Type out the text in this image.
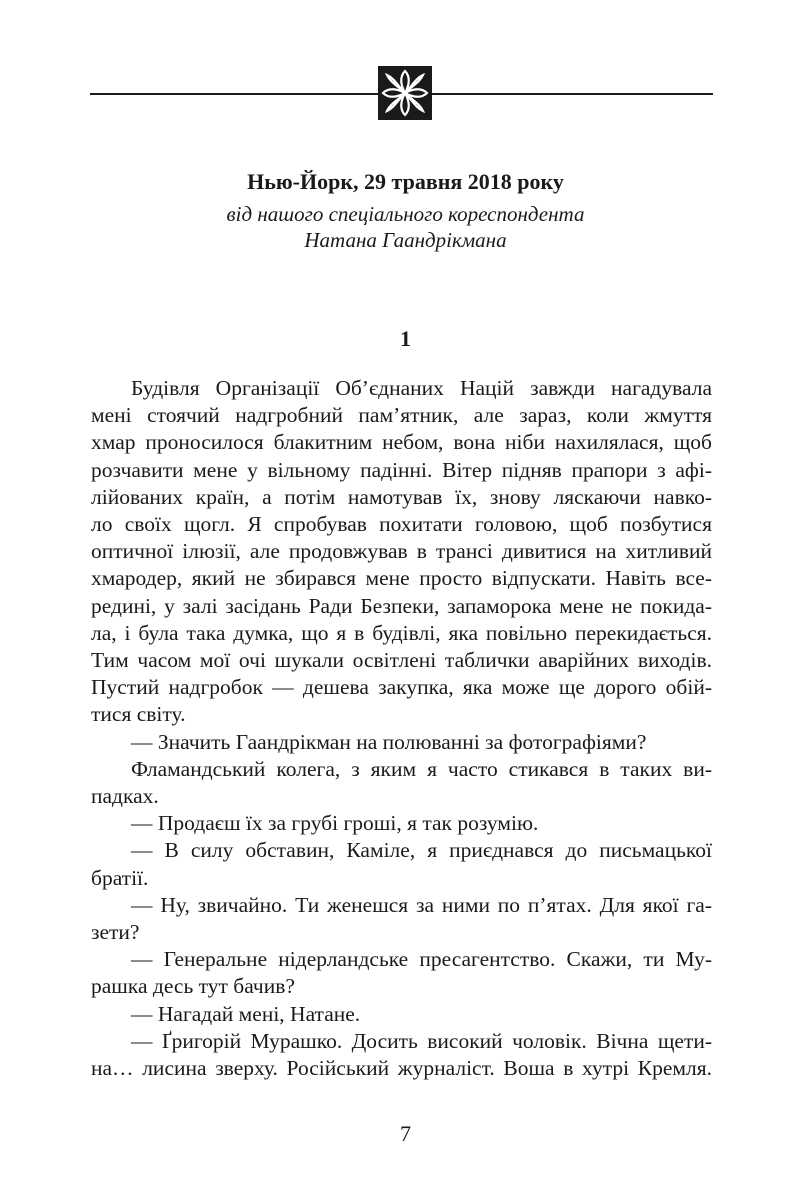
Нью-Йорк, 29 травня 2018 року
від нашого спеціального кореспондента
Натана Гаандрікмана
1
Будівля Організації Об’єднаних Націй завжди нагадувала
мені стоячий надгробний пам’ятник, але зараз, коли жмуття
хмар проносилося блакитним небом, вона ніби нахилялася, щоб
розчавити мене у вільному падінні. Вітер підняв прапори з афі-
лійованих країн, а потім намотував їх, знову ляскаючи навко-
ло своїх щогл. Я спробував похитати головою, щоб позбутися
оптичної ілюзії, але продовжував в трансі дивитися на хитливий
хмародер, який не збирався мене просто відпускати. Навіть все-
редині, у залі засідань Ради Безпеки, запаморока мене не покида-
ла, і була така думка, що я в будівлі, яка повільно перекидається.
Тим часом мої очі шукали освітлені таблички аварійних виходів.
Пустий надгробок — дешева закупка, яка може ще дорого обій-
тися світу.
— Значить Гаандрікман на полюванні за фотографіями?
Фламандський колега, з яким я часто стикався в таких ви-
падках.
— Продаєш їх за грубі гроші, я так розумію.
— В силу обставин, Каміле, я приєднався до письмацької
братії.
— Ну, звичайно. Ти женешся за ними по п’ятах. Для якої га-
зети?
— Генеральне нідерландське пресагентство. Скажи, ти Му-
рашка десь тут бачив?
— Нагадай мені, Натане.
— Ґригорій Мурашко. Досить високий чоловік. Вічна щети-
на… лисина зверху. Російський журналіст. Воша в хутрі Кремля.
7
